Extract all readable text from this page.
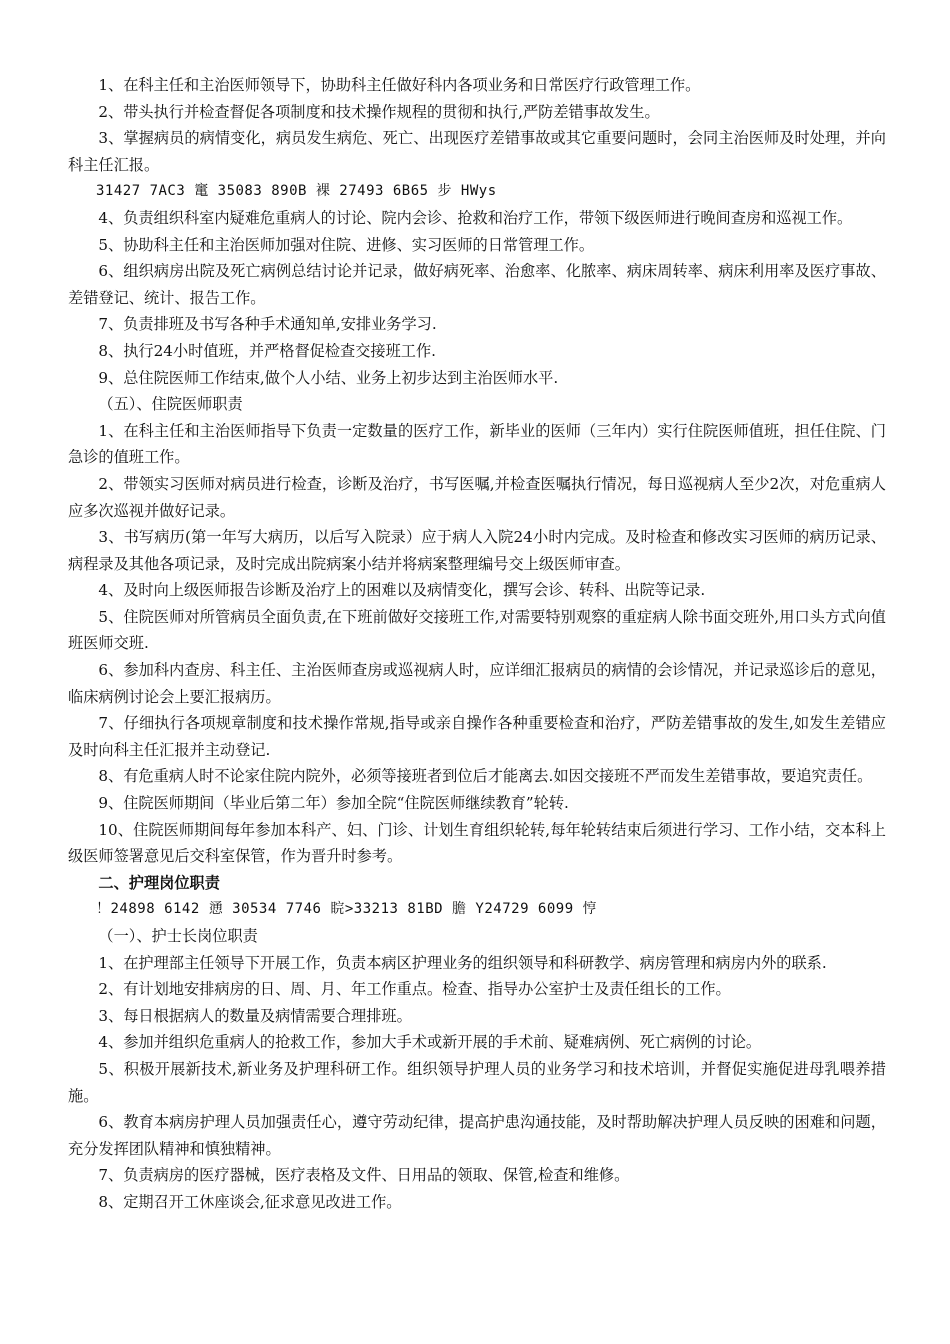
1、在科主任和主治医师领导下，协助科主任做好科内各项业务和日常医疗行政管理工作。

2、带头执行并检查督促各项制度和技术操作规程的贯彻和执行,严防差错事故发生。

3、掌握病员的病情变化，病员发生病危、死亡、出现医疗差错事故或其它重要问题时，会同主治医师及时处理，并向科主任汇报。

31427 7AC3 竃 35083 890B 裸 27493 6B65 步 HWys

4、负责组织科室内疑难危重病人的讨论、院内会诊、抢救和治疗工作，带领下级医师进行晚间查房和巡视工作。

5、协助科主任和主治医师加强对住院、进修、实习医师的日常管理工作。

6、组织病房出院及死亡病例总结讨论并记录，做好病死率、治愈率、化脓率、病床周转率、病床利用率及医疗事故、差错登记、统计、报告工作。

7、负责排班及书写各种手术通知单,安排业务学习.

8、执行24小时值班，并严格督促检查交接班工作.

9、总住院医师工作结束,做个人小结、业务上初步达到主治医师水平.

（五）、住院医师职责

1、在科主任和主治医师指导下负责一定数量的医疗工作，新毕业的医师（三年内）实行住院医师值班，担任住院、门急诊的值班工作。

2、带领实习医师对病员进行检查，诊断及治疗，书写医嘱,并检查医嘱执行情况，每日巡视病人至少2次，对危重病人应多次巡视并做好记录。

3、书写病历(第一年写大病历，以后写入院录）应于病人入院24小时内完成。及时检查和修改实习医师的病历记录、病程录及其他各项记录，及时完成出院病案小结并将病案整理编号交上级医师审查。

4、及时向上级医师报告诊断及治疗上的困难以及病情变化，撰写会诊、转科、出院等记录.

5、住院医师对所管病员全面负责,在下班前做好交接班工作,对需要特别观察的重症病人除书面交班外,用口头方式向值班医师交班.

6、参加科内查房、科主任、主治医师查房或巡视病人时，应详细汇报病员的病情的会诊情况，并记录巡诊后的意见，临床病例讨论会上要汇报病历。

7、仔细执行各项规章制度和技术操作常规,指导或亲自操作各种重要检查和治疗，严防差错事故的发生,如发生差错应及时向科主任汇报并主动登记.

8、有危重病人时不论家住院内院外，必须等接班者到位后才能离去.如因交接班不严而发生差错事故，要追究责任。

9、住院医师期间（毕业后第二年）参加全院“住院医师继续教育”轮转.

10、住院医师期间每年参加本科产、妇、门诊、计划生育组织轮转,每年轮转结束后须进行学习、工作小结，交本科上级医师签署意见后交科室保管，作为晋升时参考。

二、护理岗位职责

！24898 6142 慂 30534 7746 睆>33213 81BD 膽 Y24729 6099 悙

（一）、护士长岗位职责

1、在护理部主任领导下开展工作，负责本病区护理业务的组织领导和科研教学、病房管理和病房内外的联系.

2、有计划地安排病房的日、周、月、年工作重点。检查、指导办公室护士及责任组长的工作。

3、每日根据病人的数量及病情需要合理排班。

4、参加并组织危重病人的抢救工作，参加大手术或新开展的手术前、疑难病例、死亡病例的讨论。

5、积极开展新技术,新业务及护理科研工作。组织领导护理人员的业务学习和技术培训，并督促实施促进母乳喂养措施。

6、教育本病房护理人员加强责任心，遵守劳动纪律，提高护患沟通技能，及时帮助解决护理人员反映的困难和问题，充分发挥团队精神和慎独精神。

7、负责病房的医疗器械，医疗表格及文件、日用品的领取、保管,检查和维修。

8、定期召开工休座谈会,征求意见改进工作。
